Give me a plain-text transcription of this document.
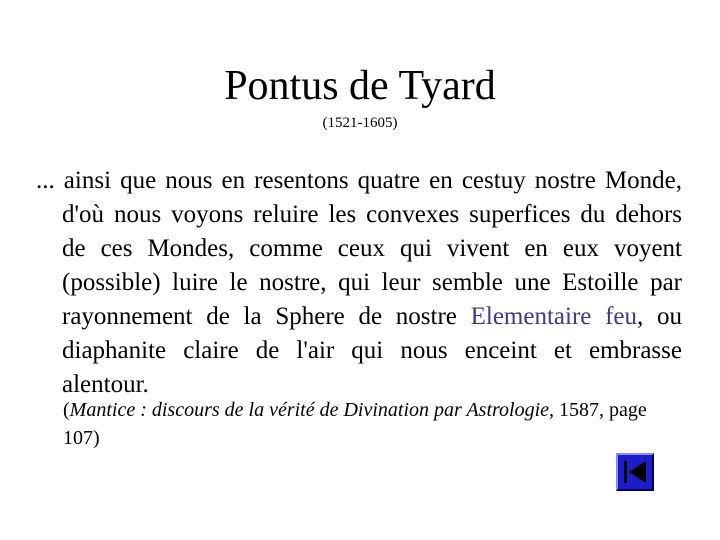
Pontus de Tyard
(1521-1605)

... ainsi que nous en resentons quatre en cestuy nostre Monde, d'où nous voyons reluire les convexes superfices du dehors de ces Mondes, comme ceux qui vivent en eux voyent (possible) luire le nostre, qui leur semble une Estoille par rayonnement de la Sphere de nostre Elementaire feu, ou diaphanite claire de l'air qui nous enceint et embrasse alentour.

(Mantice : discours de la vérité de Divination par Astrologie, 1587, page 107)
